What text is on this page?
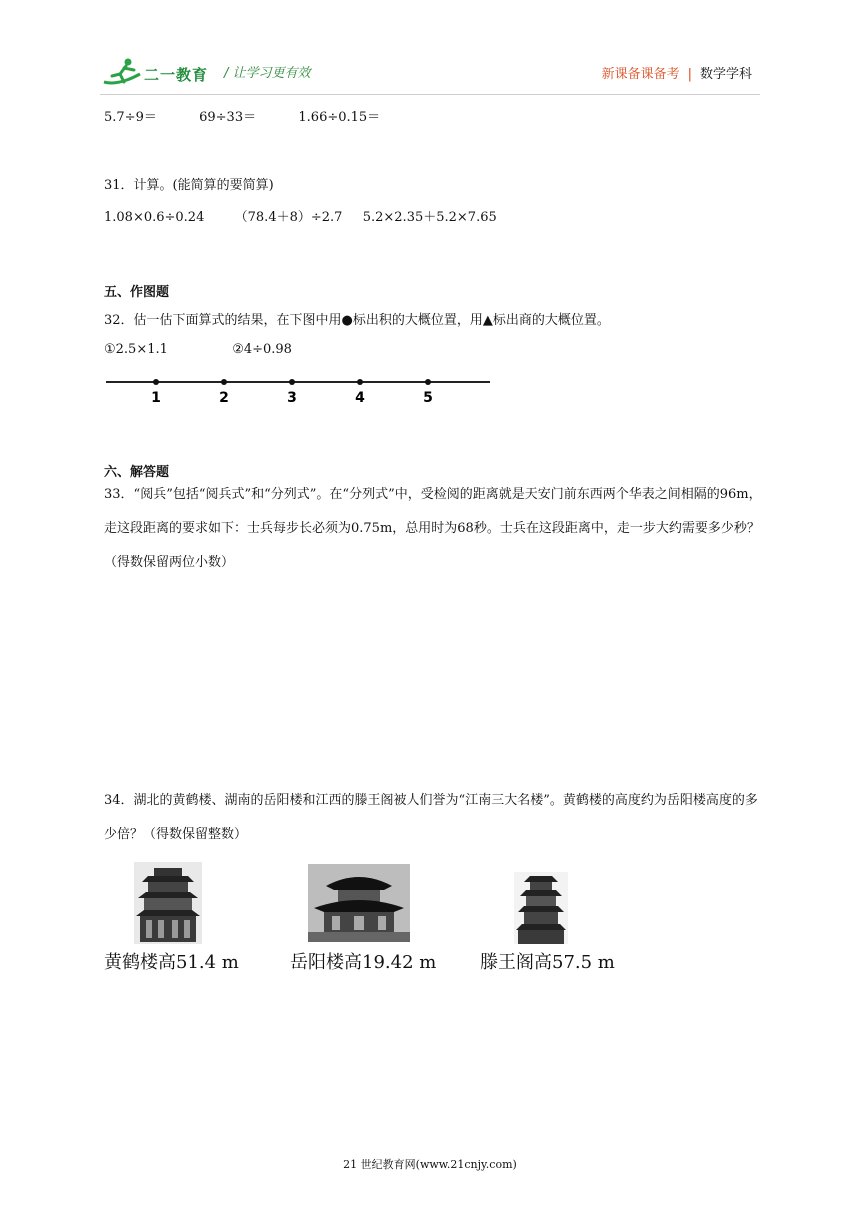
二一教育 / 让学习更有效	新课备课备考 | 数学学科
5.7÷9＝	69÷33＝	1.66÷0.15＝
31．计算。(能简算的要简算)
1.08×0.6÷0.24 （78.4＋8）÷2.7 5.2×2.35＋5.2×7.65
五、作图题
32．估一估下面算式的结果，在下图中用●标出积的大概位置，用▲标出商的大概位置。
①2.5×1.1	②4÷0.98
1	2	3	4	5
六、解答题
33．“阅兵”包括“阅兵式”和“分列式”。在“分列式”中，受检阅的距离就是天安门前东西两个华表之间相隔的96m，走这段距离的要求如下：士兵每步长必须为0.75m，总用时为68秒。士兵在这段距离中，走一步大约需要多少秒？（得数保留两位小数）
34．湖北的黄鹤楼、湖南的岳阳楼和江西的滕王阁被人们誉为“江南三大名楼”。黄鹤楼的高度约为岳阳楼高度的多少倍？（得数保留整数）
黄鹤楼高51.4 m	岳阳楼高19.42 m 滕王阁高57.5 m
21 世纪教育网(www.21cnjy.com)
